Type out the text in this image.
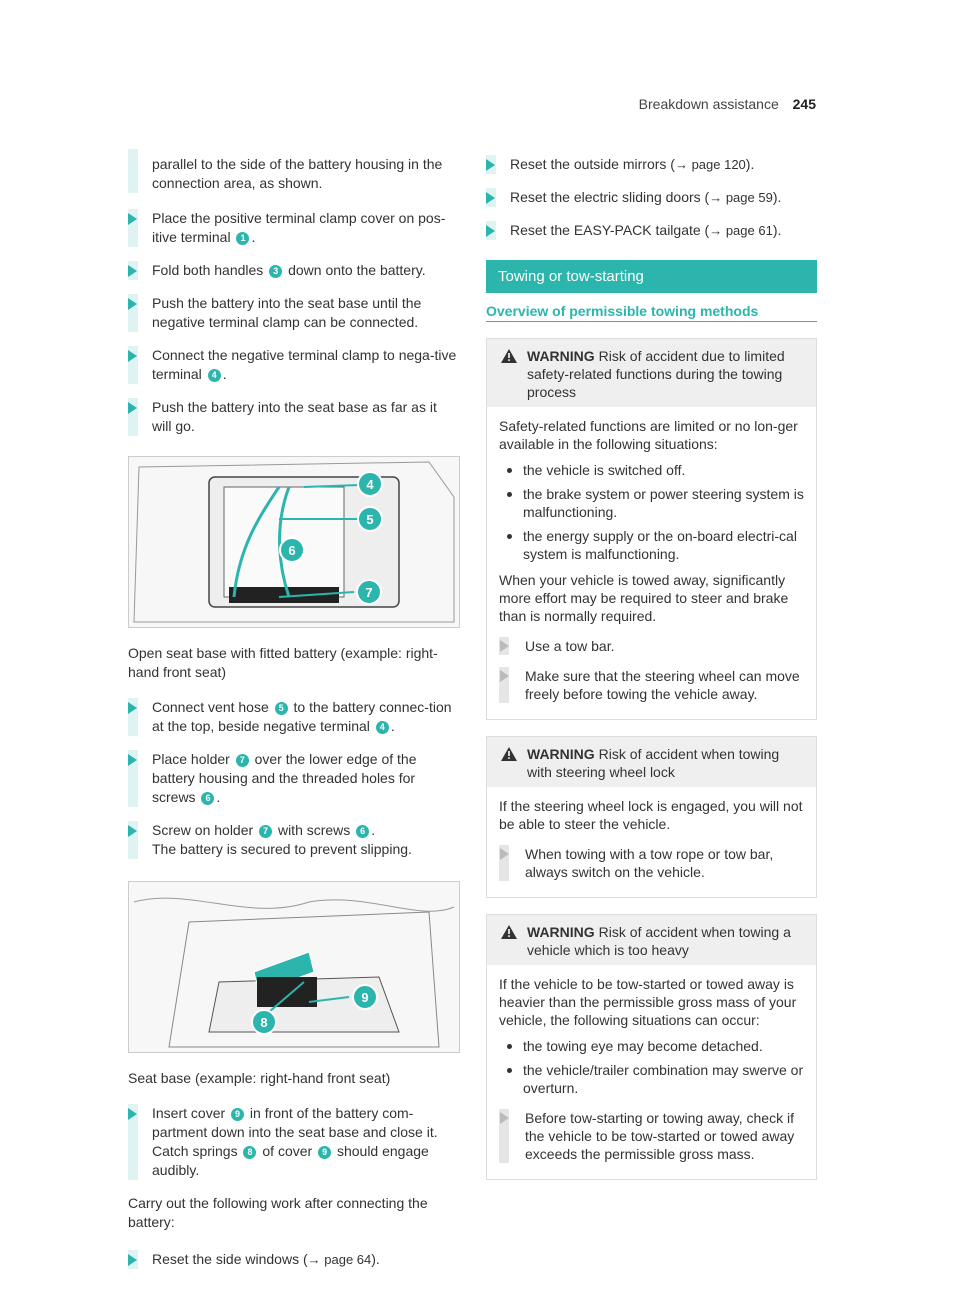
Breakdown assistance 245
parallel to the side of the battery housing in the connection area, as shown.
Place the positive terminal clamp cover on pos-itive terminal 1 .
Fold both handles 3 down onto the battery.
Push the battery into the seat base until the negative terminal clamp can be connected.
Connect the negative terminal clamp to nega-tive terminal 4 .
Push the battery into the seat base as far as it will go.
4
5
6
7
Open seat base with fitted battery (example: right-hand front seat)
Connect vent hose 5 to the battery connec-tion at the top, beside negative terminal 4 .
Place holder 7 over the lower edge of the battery housing and the threaded holes for screws 6 .
Screw on holder 7 with screws 6 .
The battery is secured to prevent slipping.
9
8
Seat base (example: right-hand front seat)
Insert cover 9 in front of the battery com-partment down into the seat base and close it. Catch springs 8 of cover 9 should engage audibly.
Carry out the following work after connecting the battery:
Reset the side windows (→ page 64).
Reset the outside mirrors (→ page 120).
Reset the electric sliding doors (→ page 59).
Reset the EASY-PACK tailgate (→ page 61).
Towing or tow-starting
Overview of permissible towing methods
WARNING Risk of accident due to limited safety-related functions during the towing process

Safety-related functions are limited or no lon-ger available in the following situations:

the vehicle is switched off.
the brake system or power steering system is malfunctioning.
the energy supply or the on-board electri-cal system is malfunctioning.

When your vehicle is towed away, significantly more effort may be required to steer and brake than is normally required.

Use a tow bar.
Make sure that the steering wheel can move freely before towing the vehicle away.
WARNING Risk of accident when towing with steering wheel lock

If the steering wheel lock is engaged, you will not be able to steer the vehicle.

When towing with a tow rope or tow bar, always switch on the vehicle.
WARNING Risk of accident when towing a vehicle which is too heavy

If the vehicle to be tow-started or towed away is heavier than the permissible gross mass of your vehicle, the following situations can occur:

the towing eye may become detached.
the vehicle/trailer combination may swerve or overturn.
Before tow-starting or towing away, check if the vehicle to be tow-started or towed away exceeds the permissible gross mass.
